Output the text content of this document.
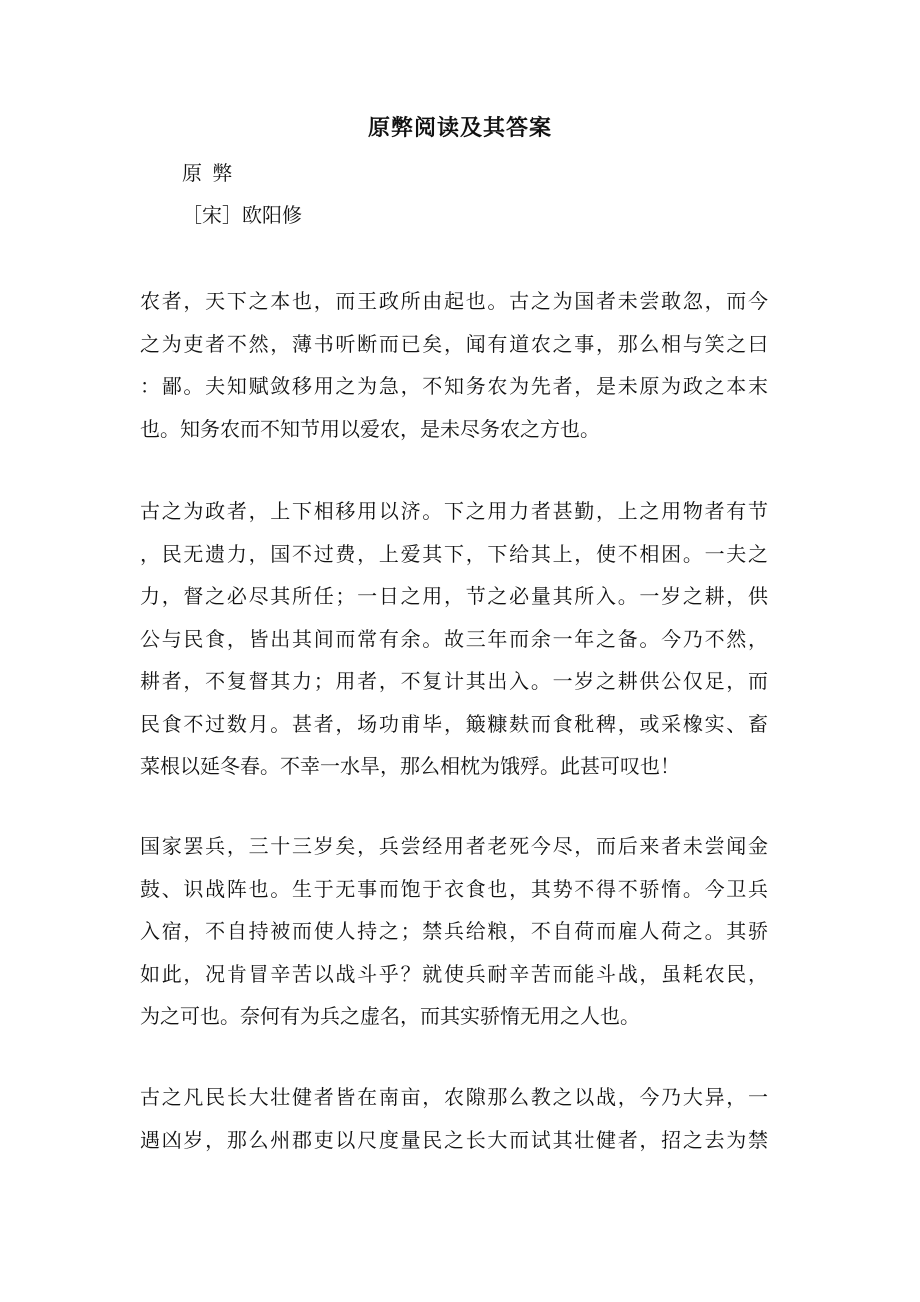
原弊阅读及其答案
原 弊
［宋］欧阳修
农者，天下之本也，而王政所由起也。古之为国者未尝敢忽，而今
之为吏者不然，薄书听断而已矣，闻有道农之事，那么相与笑之曰
：鄙。夫知赋敛移用之为急，不知务农为先者，是未原为政之本末
也。知务农而不知节用以爱农，是未尽务农之方也。
古之为政者，上下相移用以济。下之用力者甚勤，上之用物者有节
，民无遗力，国不过费，上爱其下，下给其上，使不相困。一夫之
力，督之必尽其所任；一日之用，节之必量其所入。一岁之耕，供
公与民食，皆出其间而常有余。故三年而余一年之备。今乃不然，
耕者，不复督其力；用者，不复计其出入。一岁之耕供公仅足，而
民食不过数月。甚者，场功甫毕，簸糠麸而食秕稗，或采橡实、畜
菜根以延冬春。不幸一水旱，那么相枕为饿殍。此甚可叹也！
国家罢兵，三十三岁矣，兵尝经用者老死今尽，而后来者未尝闻金
鼓、识战阵也。生于无事而饱于衣食也，其势不得不骄惰。今卫兵
入宿，不自持被而使人持之；禁兵给粮，不自荷而雇人荷之。其骄
如此，况肯冒辛苦以战斗乎？就使兵耐辛苦而能斗战，虽耗农民，
为之可也。奈何有为兵之虚名，而其实骄惰无用之人也。
古之凡民长大壮健者皆在南亩，农隙那么教之以战，今乃大异，一
遇凶岁，那么州郡吏以尺度量民之长大而试其壮健者，招之去为禁
